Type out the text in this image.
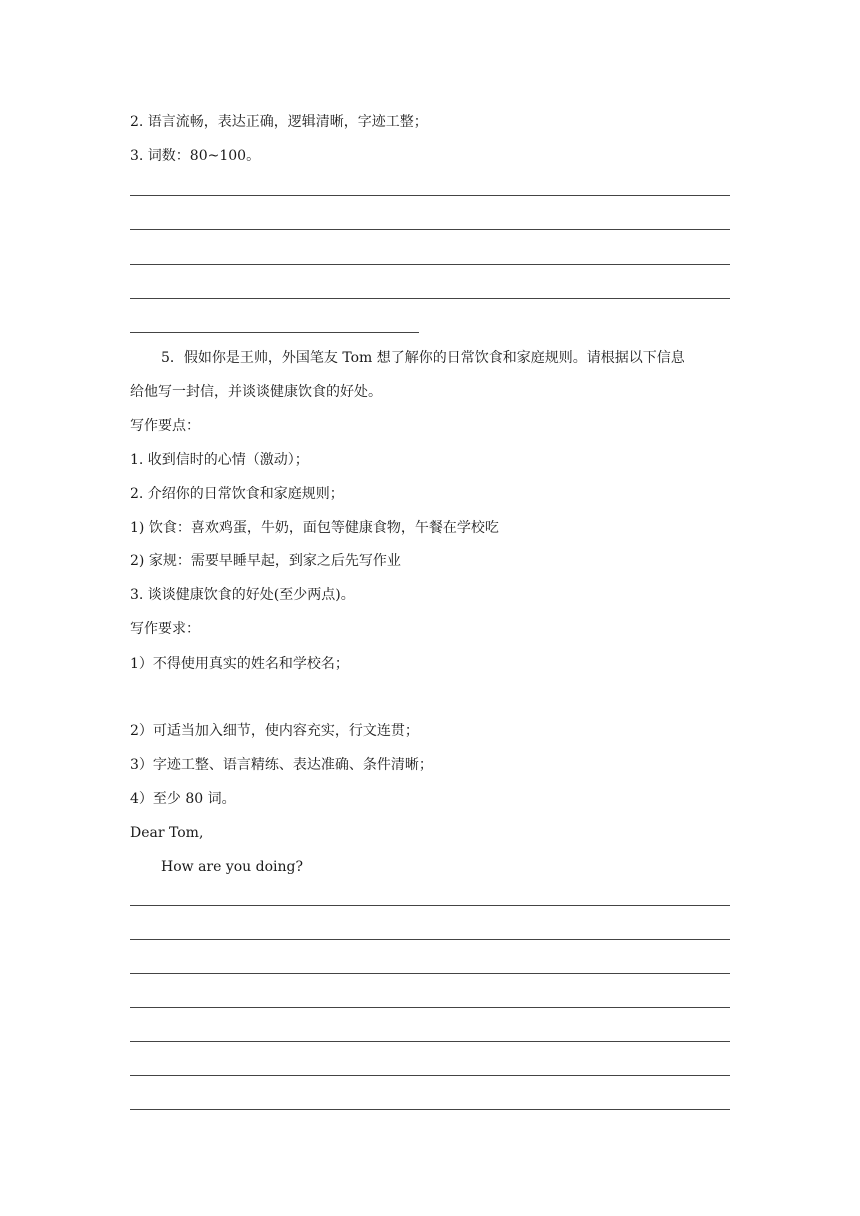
2. 语言流畅，表达正确，逻辑清晰，字迹工整；
3. 词数：80~100。
5．假如你是王帅，外国笔友 Tom 想了解你的日常饮食和家庭规则。请根据以下信息
给他写一封信，并谈谈健康饮食的好处。
写作要点：
1. 收到信时的心情（激动）；
2. 介绍你的日常饮食和家庭规则；
1) 饮食：喜欢鸡蛋，牛奶，面包等健康食物，午餐在学校吃
2) 家规：需要早睡早起，到家之后先写作业
3. 谈谈健康饮食的好处(至少两点)。
写作要求：
1）不得使用真实的姓名和学校名；
2）可适当加入细节，使内容充实，行文连贯；
3）字迹工整、语言精练、表达准确、条件清晰；
4）至少 80 词。
Dear Tom,
How are you doing?
